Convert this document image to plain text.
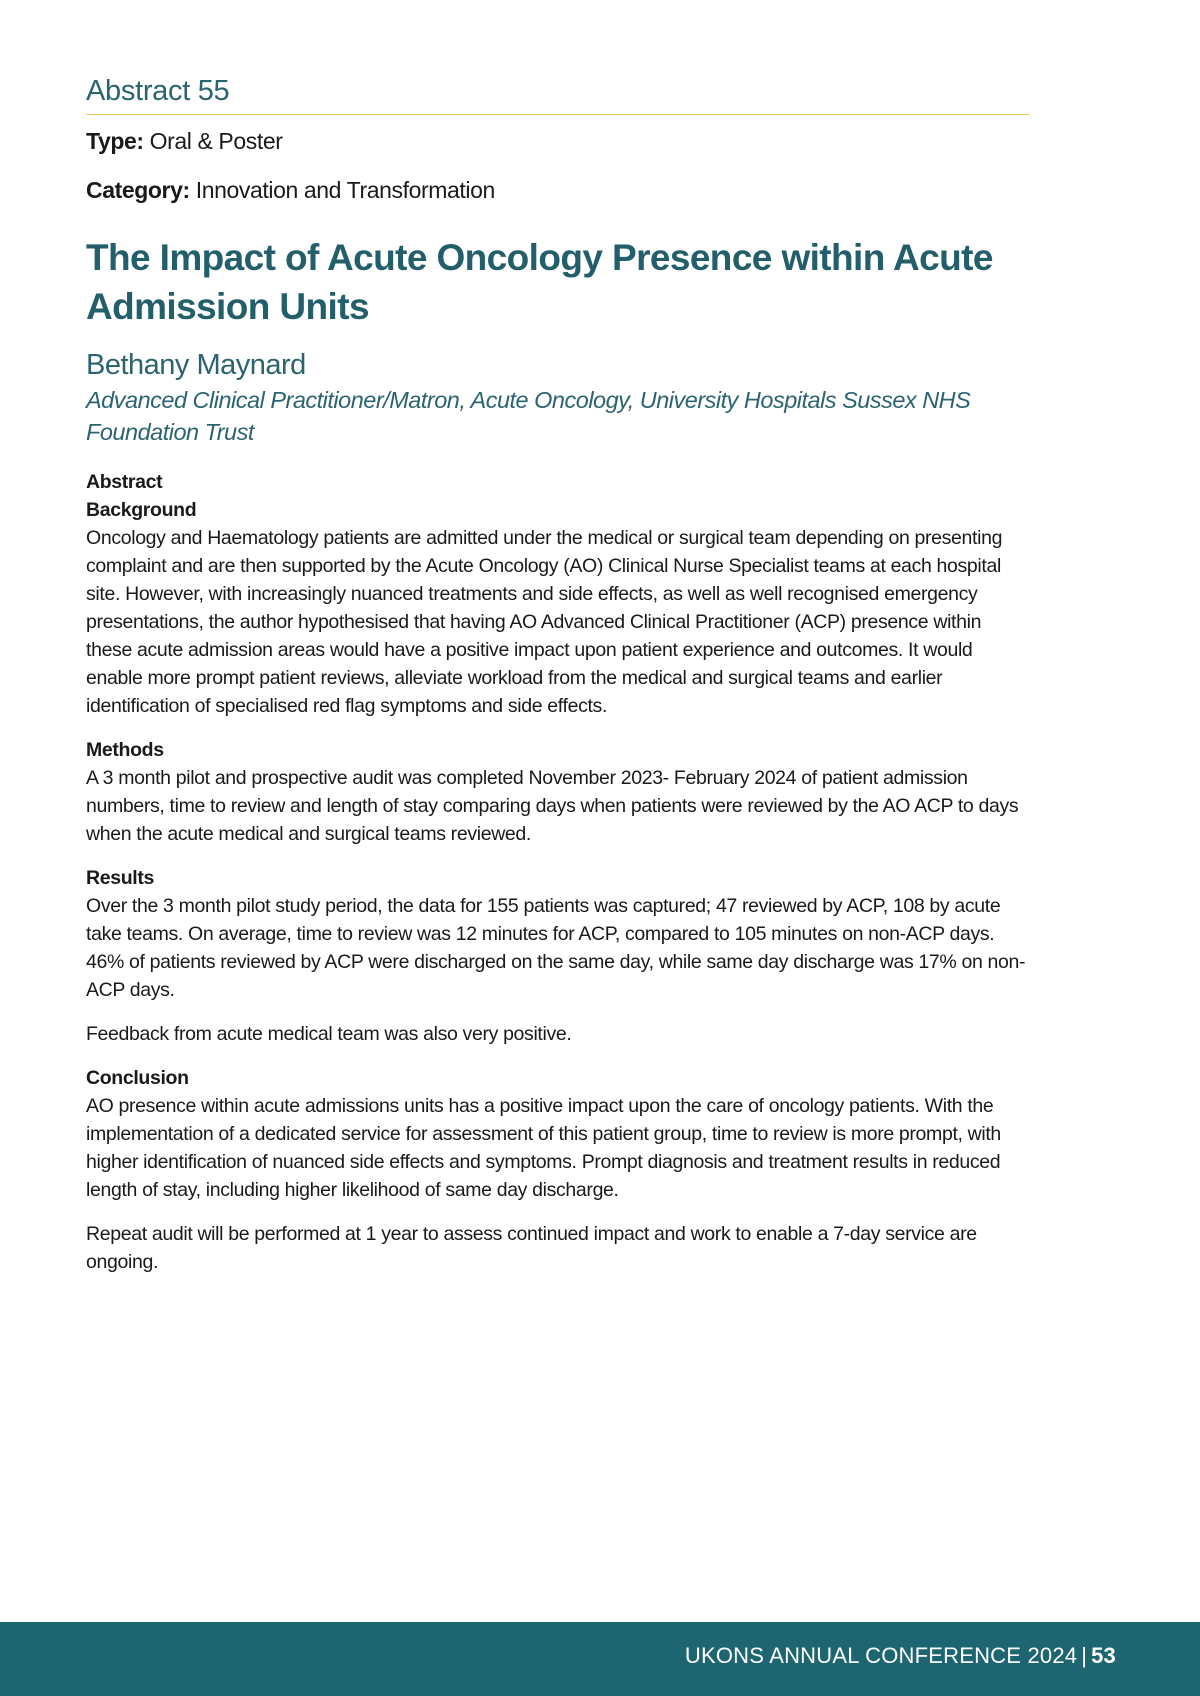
Abstract 55
Type: Oral & Poster
Category: Innovation and Transformation
The Impact of Acute Oncology Presence within Acute Admission Units
Bethany Maynard
Advanced Clinical Practitioner/Matron, Acute Oncology, University Hospitals Sussex NHS Foundation Trust
Abstract
Background

Oncology and Haematology patients are admitted under the medical or surgical team depending on presenting complaint and are then supported by the Acute Oncology (AO) Clinical Nurse Specialist teams at each hospital site. However, with increasingly nuanced treatments and side effects, as well as well recognised emergency presentations, the author hypothesised that having AO Advanced Clinical Practitioner (ACP) presence within these acute admission areas would have a positive impact upon patient experience and outcomes. It would enable more prompt patient reviews, alleviate workload from the medical and surgical teams and earlier identification of specialised red flag symptoms and side effects.

Methods

A 3 month pilot and prospective audit was completed November 2023- February 2024 of patient admission numbers, time to review and length of stay comparing days when patients were reviewed by the AO ACP to days when the acute medical and surgical teams reviewed.

Results

Over the 3 month pilot study period, the data for 155 patients was captured; 47 reviewed by ACP, 108 by acute take teams. On average, time to review was 12 minutes for ACP, compared to 105 minutes on non-ACP days. 46% of patients reviewed by ACP were discharged on the same day, while same day discharge was 17% on non-ACP days.

Feedback from acute medical team was also very positive.

Conclusion

AO presence within acute admissions units has a positive impact upon the care of oncology patients. With the implementation of a dedicated service for assessment of this patient group, time to review is more prompt, with higher identification of nuanced side effects and symptoms. Prompt diagnosis and treatment results in reduced length of stay, including higher likelihood of same day discharge.

Repeat audit will be performed at 1 year to assess continued impact and work to enable a 7-day service are ongoing.

UKONS ANNUAL CONFERENCE 2024 | 53
